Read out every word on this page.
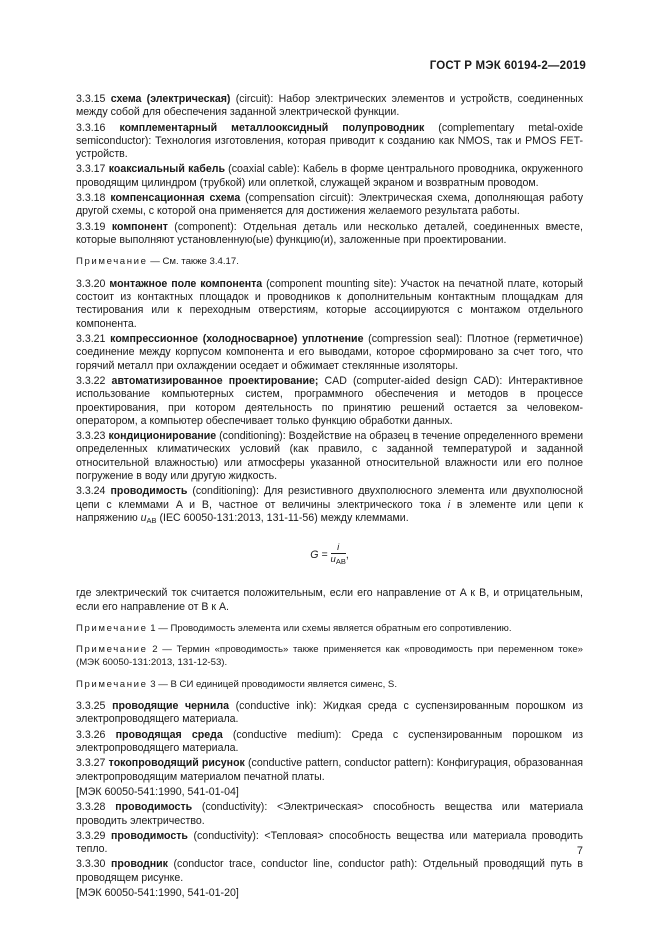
ГОСТ Р МЭК 60194-2—2019

3.3.15 схема (электрическая) (circuit): Набор электрических элементов и устройств, соединенных между собой для обеспечения заданной электрической функции.

3.3.16 комплементарный металлооксидный полупроводник (complementary metal-oxide semiconductor): Технология изготовления, которая приводит к созданию как NMOS, так и PMOS FET-устройств.

3.3.17 коаксиальный кабель (coaxial cable): Кабель в форме центрального проводника, окруженного проводящим цилиндром (трубкой) или оплеткой, служащей экраном и возвратным проводом.

3.3.18 компенсационная схема (compensation circuit): Электрическая схема, дополняющая работу другой схемы, с которой она применяется для достижения желаемого результата работы.

3.3.19 компонент (component): Отдельная деталь или несколько деталей, соединенных вместе, которые выполняют установленную(ые) функцию(и), заложенные при проектировании.

Примечание — См. также 3.4.17.

3.3.20 монтажное поле компонента (component mounting site): Участок на печатной плате, который состоит из контактных площадок и проводников к дополнительным контактным площадкам для тестирования или к переходным отверстиям, которые ассоциируются с монтажом отдельного компонента.

3.3.21 компрессионное (холодносварное) уплотнение (compression seal): Плотное (герметичное) соединение между корпусом компонента и его выводами, которое сформировано за счет того, что горячий металл при охлаждении оседает и обжимает стеклянные изоляторы.

3.3.22 автоматизированное проектирование; CAD (computer-aided design CAD): Интерактивное использование компьютерных систем, программного обеспечения и методов в процессе проектирования, при котором деятельность по принятию решений остается за человеком-оператором, а компьютер обеспечивает только функцию обработки данных.

3.3.23 кондиционирование (conditioning): Воздействие на образец в течение определенного времени определенных климатических условий (как правило, с заданной температурой и заданной относительной влажностью) или атмосферы указанной относительной влажности или его полное погружение в воду или другую жидкость.

3.3.24 проводимость (conditioning): Для резистивного двухполюсного элемента или двухполюсной цепи с клеммами A и B, частное от величины электрического тока i в элементе или цепи к напряжению $u_{AB}$ (IEC 60050-131:2013, 131-11-56) между клеммами.

$G = \frac{i}{u_{AB}}$ ,

где электрический ток считается положительным, если его направление от A к B, и отрицательным, если его направление от B к A.

Примечание 1 — Проводимость элемента или схемы является обратным его сопротивлению.
Примечание 2 — Термин «проводимость» также применяется как «проводимость при переменном токе» (МЭК 60050-131:2013, 131-12-53).
Примечание 3 — В СИ единицей проводимости является сименс, S.

3.3.25 проводящие чернила (conductive ink): Жидкая среда с суспензированным порошком из электропроводящего материала.

3.3.26 проводящая среда (conductive medium): Среда с суспензированным порошком из электропроводящего материала.

3.3.27 токопроводящий рисунок (conductive pattern, conductor pattern): Конфигурация, образованная электропроводящим материалом печатной платы.

[МЭК 60050-541:1990, 541-01-04]

3.3.28 проводимость (conductivity): <Электрическая> способность вещества или материала проводить электричество.

3.3.29 проводимость (conductivity): <Тепловая> способность вещества или материала проводить тепло.

3.3.30 проводник (conductor trace, conductor line, conductor path): Отдельный проводящий путь в проводящем рисунке.

[МЭК 60050-541:1990, 541-01-20]

7
